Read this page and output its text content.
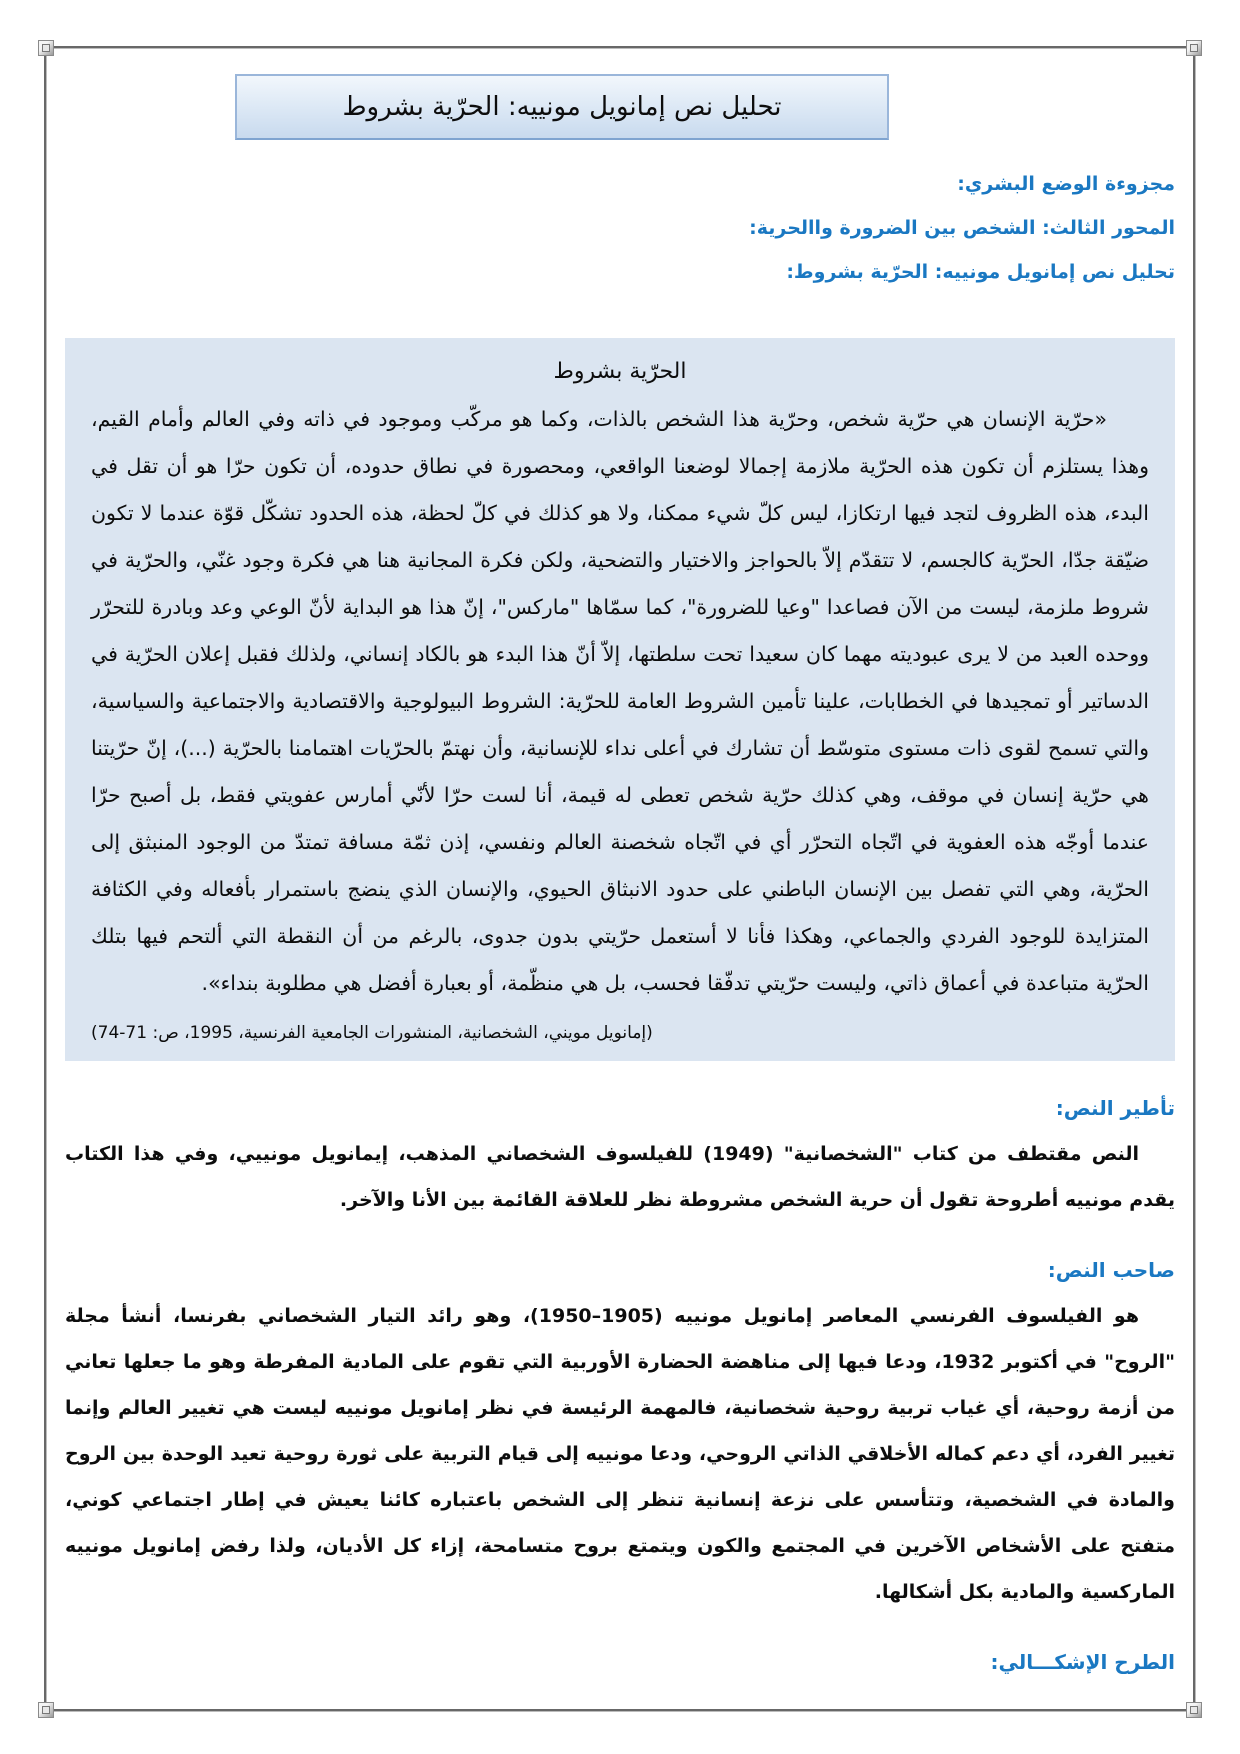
تحليل نص إمانويل مونييه: الحرّية بشروط
مجزوءة الوضع البشري:
المحور الثالث: الشخص بين الضرورة واالحرية:
تحليل نص إمانويل مونييه: الحرّية بشروط:
الحرّية بشروط
«حرّية الإنسان هي حرّية شخص، وحرّية هذا الشخص بالذات، وكما هو مركّب وموجود في ذاته وفي العالم وأمام القيم، وهذا يستلزم أن تكون هذه الحرّية ملازمة إجمالا لوضعنا الواقعي، ومحصورة في نطاق حدوده، أن تكون حرّا هو أن تقل في البدء، هذه الظروف لتجد فيها ارتكازا، ليس كلّ شيء ممكنا، ولا هو كذلك في كلّ لحظة، هذه الحدود تشكّل قوّة عندما لا تكون ضيّقة جدّا، الحرّية كالجسم، لا تتقدّم إلاّ بالحواجز والاختيار والتضحية، ولكن فكرة المجانية هنا هي فكرة وجود غنّي، والحرّية في شروط ملزمة، ليست من الآن فصاعدا "وعيا للضرورة"، كما سمّاها "ماركس"، إنّ هذا هو البداية لأنّ الوعي وعد وبادرة للتحرّر ووحده العبد من لا يرى عبوديته مهما كان سعيدا تحت سلطتها، إلاّ أنّ هذا البدء هو بالكاد إنساني، ولذلك فقبل إعلان الحرّية في الدساتير أو تمجيدها في الخطابات، علينا تأمين الشروط العامة للحرّية: الشروط البيولوجية والاقتصادية والاجتماعية والسياسية، والتي تسمح لقوى ذات مستوى متوسّط أن تشارك في أعلى نداء للإنسانية، وأن نهتمّ بالحرّيات اهتمامنا بالحرّية (...)، إنّ حرّيتنا هي حرّية إنسان في موقف، وهي كذلك حرّية شخص تعطى له قيمة، أنا لست حرّا لأنّي أمارس عفويتي فقط، بل أصبح حرّا عندما أوجّه هذه العفوية في اتّجاه التحرّر أي في اتّجاه شخصنة العالم ونفسي، إذن ثمّة مسافة تمتدّ من الوجود المنبثق إلى الحرّية، وهي التي تفصل بين الإنسان الباطني على حدود الانبثاق الحيوي، والإنسان الذي ينضج باستمرار بأفعاله وفي الكثافة المتزايدة للوجود الفردي والجماعي، وهكذا فأنا لا أستعمل حرّيتي بدون جدوى، بالرغم من أن النقطة التي ألتحم فيها بتلك الحرّية متباعدة في أعماق ذاتي، وليست حرّيتي تدفّقا فحسب، بل هي منظّمة، أو بعبارة أفضل هي مطلوبة بنداء».
(إمانويل مويني، الشخصانية، المنشورات الجامعية الفرنسية، 1995، ص: 71-74)
تأطير النص:
النص مقتطف من كتاب "الشخصانية" (1949) للفيلسوف الشخصاني المذهب، إيمانويل مونييي، وفي هذا الكتاب يقدم مونييه أطروحة تقول أن حرية الشخص مشروطة نظر للعلاقة القائمة بين الأنا والآخر.
صاحب النص:
هو الفيلسوف الفرنسي المعاصر إمانويل مونييه (1905–1950)، وهو رائد التيار الشخصاني بفرنسا، أنشأ مجلة "الروح" في أكتوبر 1932، ودعا فيها إلى مناهضة الحضارة الأوربية التي تقوم على المادية المفرطة وهو ما جعلها تعاني من أزمة روحية، أي غياب تربية روحية شخصانية، فالمهمة الرئيسة في نظر إمانويل مونييه ليست هي تغيير العالم وإنما تغيير الفرد، أي دعم كماله الأخلاقي الذاتي الروحي، ودعا مونييه إلى قيام التربية على ثورة روحية تعيد الوحدة بين الروح والمادة في الشخصية، وتتأسس على نزعة إنسانية تنظر إلى الشخص باعتباره كائنا يعيش في إطار اجتماعي كوني، متفتح على الأشخاص الآخرين في المجتمع والكون ويتمتع بروح متسامحة، إزاء كل الأديان، ولذا رفض إمانويل مونييه الماركسية والمادية بكل أشكالها.
الطرح الإشكـــالي:
